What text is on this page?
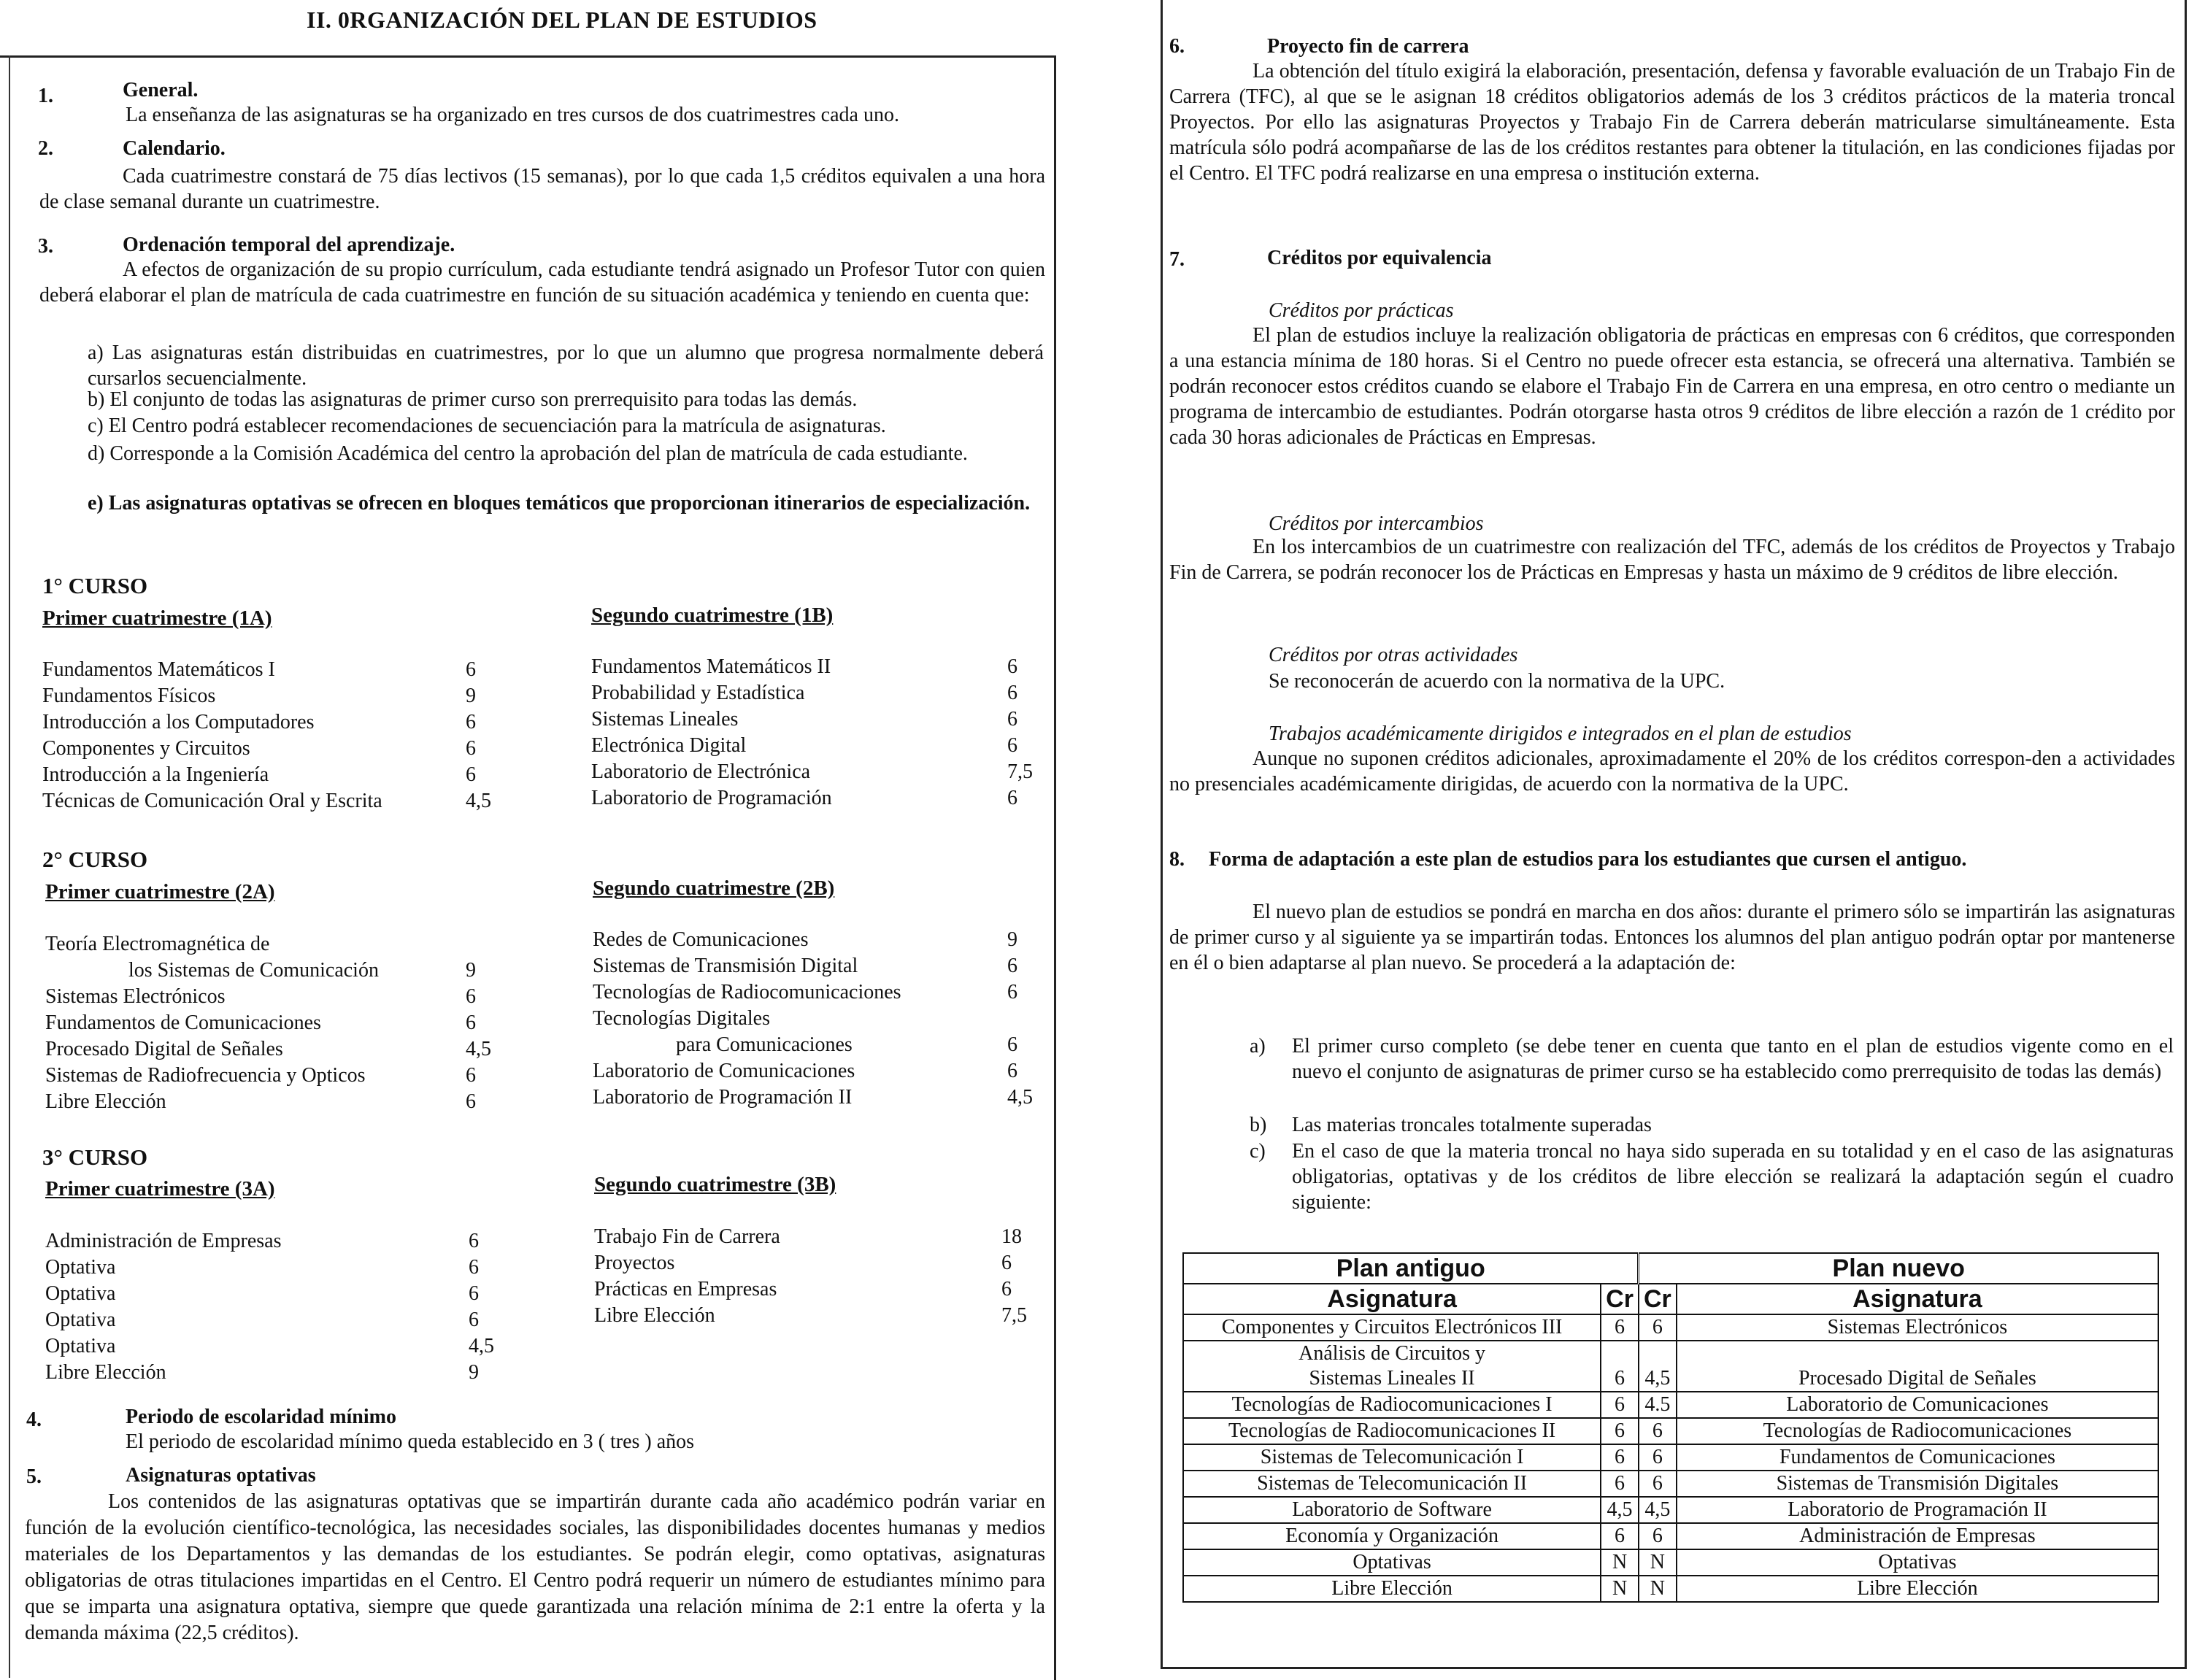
II. 0RGANIZACIÓN DEL PLAN DE ESTUDIOS
1.	General.
La enseñanza de las asignaturas se ha organizado en tres cursos de dos cuatrimestres cada uno.
2.	Calendario.
Cada cuatrimestre constará de 75 días lectivos (15 semanas), por lo que cada 1,5 créditos equivalen a una hora de clase semanal durante un cuatrimestre.
3.	Ordenación temporal del aprendizaje.
A efectos de organización de su propio currículum, cada estudiante tendrá asignado un Profesor Tutor con quien deberá elaborar el plan de matrícula de cada cuatrimestre en función de su situación académica y teniendo en cuenta que:
a) Las asignaturas están distribuidas en cuatrimestres, por lo que un alumno que progresa normalmente deberá cursarlos secuencialmente.
b) El conjunto de todas las asignaturas de primer curso son prerrequisito para todas las demás.
c) El Centro podrá establecer recomendaciones de secuenciación para la matrícula de asignaturas.
d) Corresponde a la Comisión Académica del centro la aprobación del plan de matrícula de cada estudiante.
e) Las asignaturas optativas se ofrecen en bloques temáticos que proporcionan itinerarios de especialización.
1° CURSO
Primer cuatrimestre (1A)	Segundo cuatrimestre (1B)
Fundamentos Matemáticos I	6
Fundamentos Físicos	9
Introducción a los Computadores	6
Componentes y Circuitos	6
Introducción a la Ingeniería	6
Técnicas de Comunicación Oral y Escrita	4,5
Fundamentos Matemáticos II	6
Probabilidad y Estadística	6
Sistemas Lineales	6
Electrónica Digital	6
Laboratorio de Electrónica	7,5
Laboratorio de Programación	6
2° CURSO
Primer cuatrimestre (2A)	Segundo cuatrimestre (2B)
Teoría Electromagnética de
los Sistemas de Comunicación	9
Sistemas Electrónicos	6
Fundamentos de Comunicaciones	6
Procesado Digital de Señales	4,5
Sistemas de Radiofrecuencia y Opticos	6
Libre Elección	6
Redes de Comunicaciones	9
Sistemas de Transmisión Digital	6
Tecnologías de Radiocomunicaciones	6
Tecnologías Digitales
para Comunicaciones	6
Laboratorio de Comunicaciones	6
Laboratorio de Programación II	4,5
3° CURSO
Primer cuatrimestre (3A)	Segundo cuatrimestre (3B)
Administración de Empresas	6
Optativa	6
Optativa	6
Optativa	6
Optativa	4,5
Libre Elección	9
Trabajo Fin de Carrera	18
Proyectos	6
Prácticas en Empresas	6
Libre Elección	7,5
4.	Periodo de escolaridad mínimo
El periodo de escolaridad mínimo queda establecido en 3 ( tres ) años
5.	Asignaturas optativas
Los contenidos de las asignaturas optativas que se impartirán durante cada año académico podrán variar en función de la evolución científico-tecnológica, las necesidades sociales, las disponibilidades docentes humanas y medios materiales de los Departamentos y las demandas de los estudiantes. Se podrán elegir, como optativas, asignaturas obligatorias de otras titulaciones impartidas en el Centro. El Centro podrá requerir un número de estudiantes mínimo para que se imparta una asignatura optativa, siempre que quede garantizada una relación mínima de 2:1 entre la oferta y la demanda máxima (22,5 créditos).
6.	Proyecto fin de carrera
La obtención del título exigirá la elaboración, presentación, defensa y favorable evaluación de un Trabajo Fin de Carrera (TFC), al que se le asignan 18 créditos obligatorios además de los 3 créditos prácticos de la materia troncal Proyectos. Por ello las asignaturas Proyectos y Trabajo Fin de Carrera deberán matricularse simultáneamente. Esta matrícula sólo podrá acompañarse de las de los créditos restantes para obtener la titulación, en las condiciones fijadas por el Centro. El TFC podrá realizarse en una empresa o institución externa.
7.	Créditos por equivalencia
Créditos por prácticas
El plan de estudios incluye la realización obligatoria de prácticas en empresas con 6 créditos, que corresponden a una estancia mínima de 180 horas. Si el Centro no puede ofrecer esta estancia, se ofrecerá una alternativa. También se podrán reconocer estos créditos cuando se elabore el Trabajo Fin de Carrera en una empresa, en otro centro o mediante un programa de intercambio de estudiantes. Podrán otorgarse hasta otros 9 créditos de libre elección a razón de 1 crédito por cada 30 horas adicionales de Prácticas en Empresas.
Créditos por intercambios
En los intercambios de un cuatrimestre con realización del TFC, además de los créditos de Proyectos y Trabajo Fin de Carrera, se podrán reconocer los de Prácticas en Empresas y hasta un máximo de 9 créditos de libre elección.
Créditos por otras actividades
Se reconocerán de acuerdo con la normativa de la UPC.
Trabajos académicamente dirigidos e integrados en el plan de estudios
Aunque no suponen créditos adicionales, aproximadamente el 20% de los créditos correspon-den a actividades no presenciales académicamente dirigidas, de acuerdo con la normativa de la UPC.
8. Forma de adaptación a este plan de estudios para los estudiantes que cursen el antiguo.
El nuevo plan de estudios se pondrá en marcha en dos años: durante el primero sólo se impartirán las asignaturas de primer curso y al siguiente ya se impartirán todas. Entonces los alumnos del plan antiguo podrán optar por mantenerse en él o bien adaptarse al plan nuevo. Se procederá a la adaptación de:
a) El primer curso completo (se debe tener en cuenta que tanto en el plan de estudios vigente como en el nuevo el conjunto de asignaturas de primer curso se ha establecido como prerrequisito de todas las demás)
b) Las materias troncales totalmente superadas
c) En el caso de que la materia troncal no haya sido superada en su totalidad y en el caso de las asignaturas obligatorias, optativas y de los créditos de libre elección se realizará la adaptación según el cuadro siguiente:
Plan antiguo		Plan nuevo	
Asignatura	Cr	Cr	Asignatura
Componentes y Circuitos Electrónicos III	6	6	Sistemas Electrónicos
Análisis de Circuitos y Sistemas Lineales II	6	4,5	Procesado Digital de Señales
Tecnologías de Radiocomunicaciones I	6	4.5	Laboratorio de Comunicaciones
Tecnologías de Radiocomunicaciones II	6	6	Tecnologías de Radiocomunicaciones
Sistemas de Telecomunicación I	6	6	Fundamentos de Comunicaciones
Sistemas de Telecomunicación II	6	6	Sistemas de Transmisión Digitales
Laboratorio de Software	4,5	4,5	Laboratorio de Programación II
Economía y Organización	6	6	Administración de Empresas
Optativas	N	N	Optativas
Libre Elección	N	N	Libre Elección
